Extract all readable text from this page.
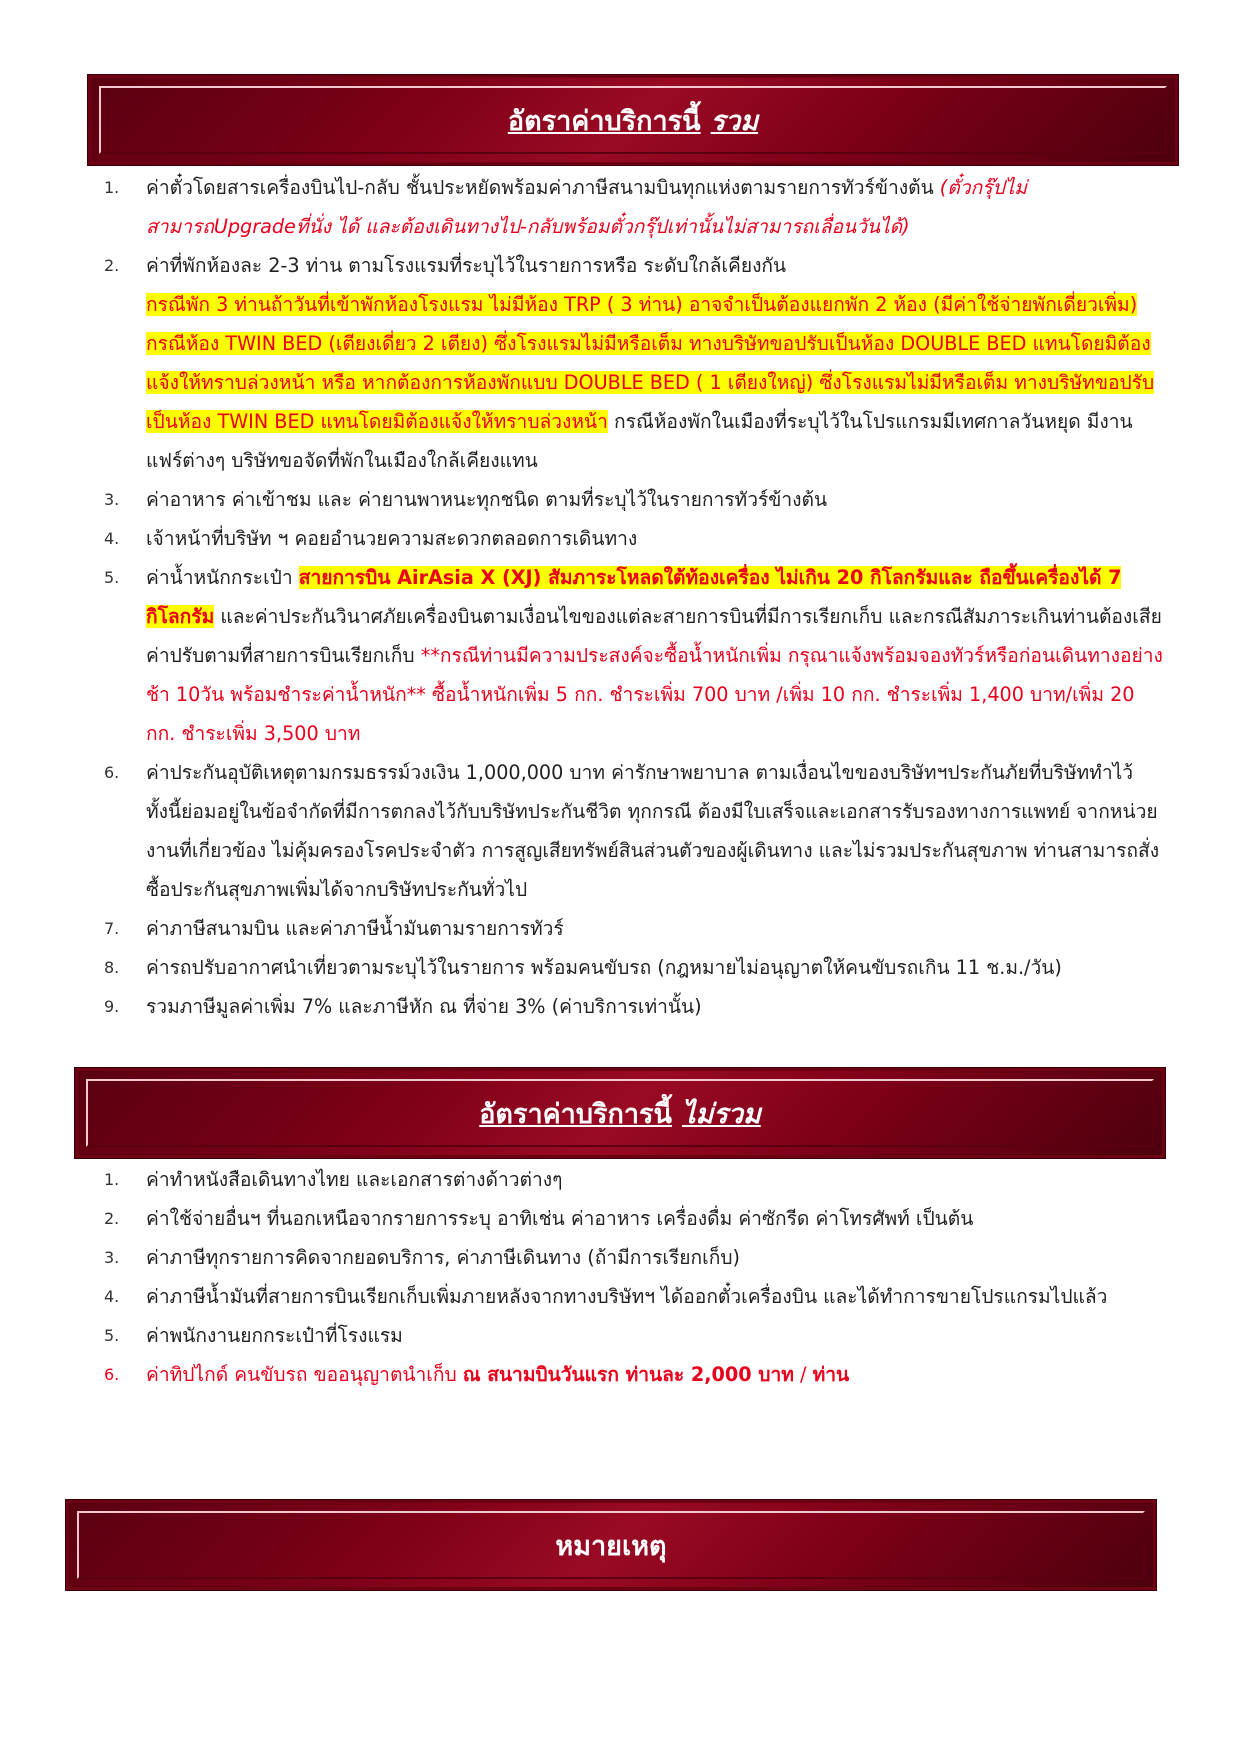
อัตราค่าบริการนี้ รวม
1. ค่าตั๋วโดยสารเครื่องบินไป-กลับ ชั้นประหยัดพร้อมค่าภาษีสนามบินทุกแห่งตามรายการทัวร์ข้างต้น (ตั๋วกรุ๊ปไม่สามารถUpgradeที่นั่ง ได้ และต้องเดินทางไป-กลับพร้อมตั๋วกรุ๊ปเท่านั้นไม่สามารถเลื่อนวันได้)
2. ค่าที่พักห้องละ 2-3 ท่าน ตามโรงแรมที่ระบุไว้ในรายการหรือ ระดับใกล้เคียงกัน
กรณีพัก 3 ท่านถ้าวันที่เข้าพักห้องโรงแรม ไม่มีห้อง TRP ( 3 ท่าน) อาจจำเป็นต้องแยกพัก 2 ห้อง (มีค่าใช้จ่ายพักเดี่ยวเพิ่ม) กรณีห้อง TWIN BED (เตียงเดี่ยว 2 เตียง) ซึ่งโรงแรมไม่มีหรือเต็ม ทางบริษัทขอปรับเป็นห้อง DOUBLE BED แทนโดยมิต้องแจ้งให้ทราบล่วงหน้า หรือ หากต้องการห้องพักแบบ DOUBLE BED ( 1 เตียงใหญ่) ซึ่งโรงแรมไม่มีหรือเต็ม ทางบริษัทขอปรับเป็นห้อง TWIN BED แทนโดยมิต้องแจ้งให้ทราบล่วงหน้า กรณีห้องพักในเมืองที่ระบุไว้ในโปรแกรมมีเทศกาลวันหยุด มีงานแฟร์ต่างๆ บริษัทขอจัดที่พักในเมืองใกล้เคียงแทน
3. ค่าอาหาร ค่าเข้าชม และ ค่ายานพาหนะทุกชนิด ตามที่ระบุไว้ในรายการทัวร์ข้างต้น
4. เจ้าหน้าที่บริษัท ฯ คอยอำนวยความสะดวกตลอดการเดินทาง
5. ค่าน้ำหนักกระเป๋า สายการบิน AirAsia X (XJ) สัมภาระโหลดใต้ท้องเครื่อง ไม่เกิน 20 กิโลกรัมและ ถือขึ้นเครื่องได้ 7 กิโลกรัม และค่าประกันวินาศภัยเครื่องบินตามเงื่อนไขของแต่ละสายการบินที่มีการเรียกเก็บ และกรณีสัมภาระเกินท่านต้องเสียค่าปรับตามที่สายการบินเรียกเก็บ **กรณีท่านมีความประสงค์จะซื้อน้ำหนักเพิ่ม กรุณาแจ้งพร้อมจองทัวร์หรือก่อนเดินทางอย่างช้า 10วัน พร้อมชำระค่าน้ำหนัก** ซื้อน้ำหนักเพิ่ม 5 กก. ชำระเพิ่ม 700 บาท /เพิ่ม 10 กก. ชำระเพิ่ม 1,400 บาท/เพิ่ม 20 กก. ชำระเพิ่ม 3,500 บาท
6. ค่าประกันอุบัติเหตุตามกรมธรรม์วงเงิน 1,000,000 บาท ค่ารักษาพยาบาล ตามเงื่อนไขของบริษัทฯประกันภัยที่บริษัททำไว้ ทั้งนี้ย่อมอยู่ในข้อจำกัดที่มีการตกลงไว้กับบริษัทประกันชีวิต ทุกกรณี ต้องมีใบเสร็จและเอกสารรับรองทางการแพทย์ จากหน่วยงานที่เกี่ยวข้อง ไม่คุ้มครองโรคประจำตัว การสูญเสียทรัพย์สินส่วนตัวของผู้เดินทาง และไม่รวมประกันสุขภาพ ท่านสามารถสั่งซื้อประกันสุขภาพเพิ่มได้จากบริษัทประกันทั่วไป
7. ค่าภาษีสนามบิน และค่าภาษีน้ำมันตามรายการทัวร์
8. ค่ารถปรับอากาศนำเที่ยวตามระบุไว้ในรายการ พร้อมคนขับรถ (กฎหมายไม่อนุญาตให้คนขับรถเกิน 11 ช.ม./วัน)
9. รวมภาษีมูลค่าเพิ่ม 7% และภาษีหัก ณ ที่จ่าย 3% (ค่าบริการเท่านั้น)
อัตราค่าบริการนี้ ไม่รวม
1. ค่าทำหนังสือเดินทางไทย และเอกสารต่างด้าวต่างๆ
2. ค่าใช้จ่ายอื่นฯ ที่นอกเหนือจากรายการระบุ อาทิเช่น ค่าอาหาร เครื่องดื่ม ค่าซักรีด ค่าโทรศัพท์ เป็นต้น
3. ค่าภาษีทุกรายการคิดจากยอดบริการ, ค่าภาษีเดินทาง (ถ้ามีการเรียกเก็บ)
4. ค่าภาษีน้ำมันที่สายการบินเรียกเก็บเพิ่มภายหลังจากทางบริษัทฯ ได้ออกตั๋วเครื่องบิน และได้ทำการขายโปรแกรมไปแล้ว
5. ค่าพนักงานยกกระเป๋าที่โรงแรม
6. ค่าทิปไกด์ คนขับรถ ขออนุญาตนำเก็บ ณ สนามบินวันแรก ท่านละ 2,000 บาท / ท่าน
หมายเหตุ
